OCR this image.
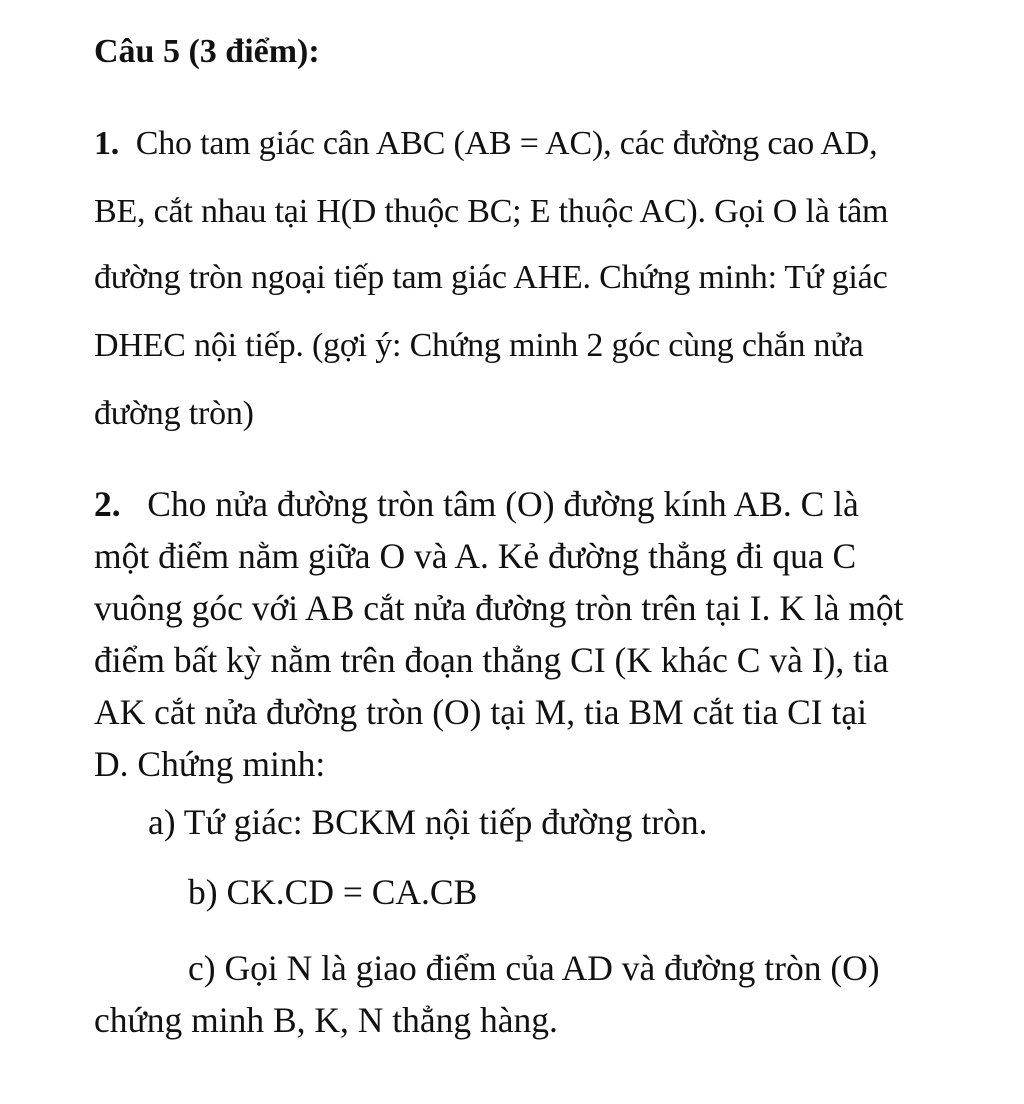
Câu 5 (3 điểm):
1. Cho tam giác cân ABC (AB = AC), các đường cao AD,
BE, cắt nhau tại H(D thuộc BC; E thuộc AC). Gọi O là tâm
đường tròn ngoại tiếp tam giác AHE. Chứng minh: Tứ giác
DHEC nội tiếp. (gợi ý: Chứng minh 2 góc cùng chắn nửa
đường tròn)
2. Cho nửa đường tròn tâm (O) đường kính AB. C là
một điểm nằm giữa O và A. Kẻ đường thẳng đi qua C
vuông góc với AB cắt nửa đường tròn trên tại I. K là một
điểm bất kỳ nằm trên đoạn thẳng CI (K khác C và I), tia
AK cắt nửa đường tròn (O) tại M, tia BM cắt tia CI tại
D. Chứng minh:
a) Tứ giác: BCKM nội tiếp đường tròn.
b) CK.CD = CA.CB
c) Gọi N là giao điểm của AD và đường tròn (O)
chứng minh B, K, N thẳng hàng.
